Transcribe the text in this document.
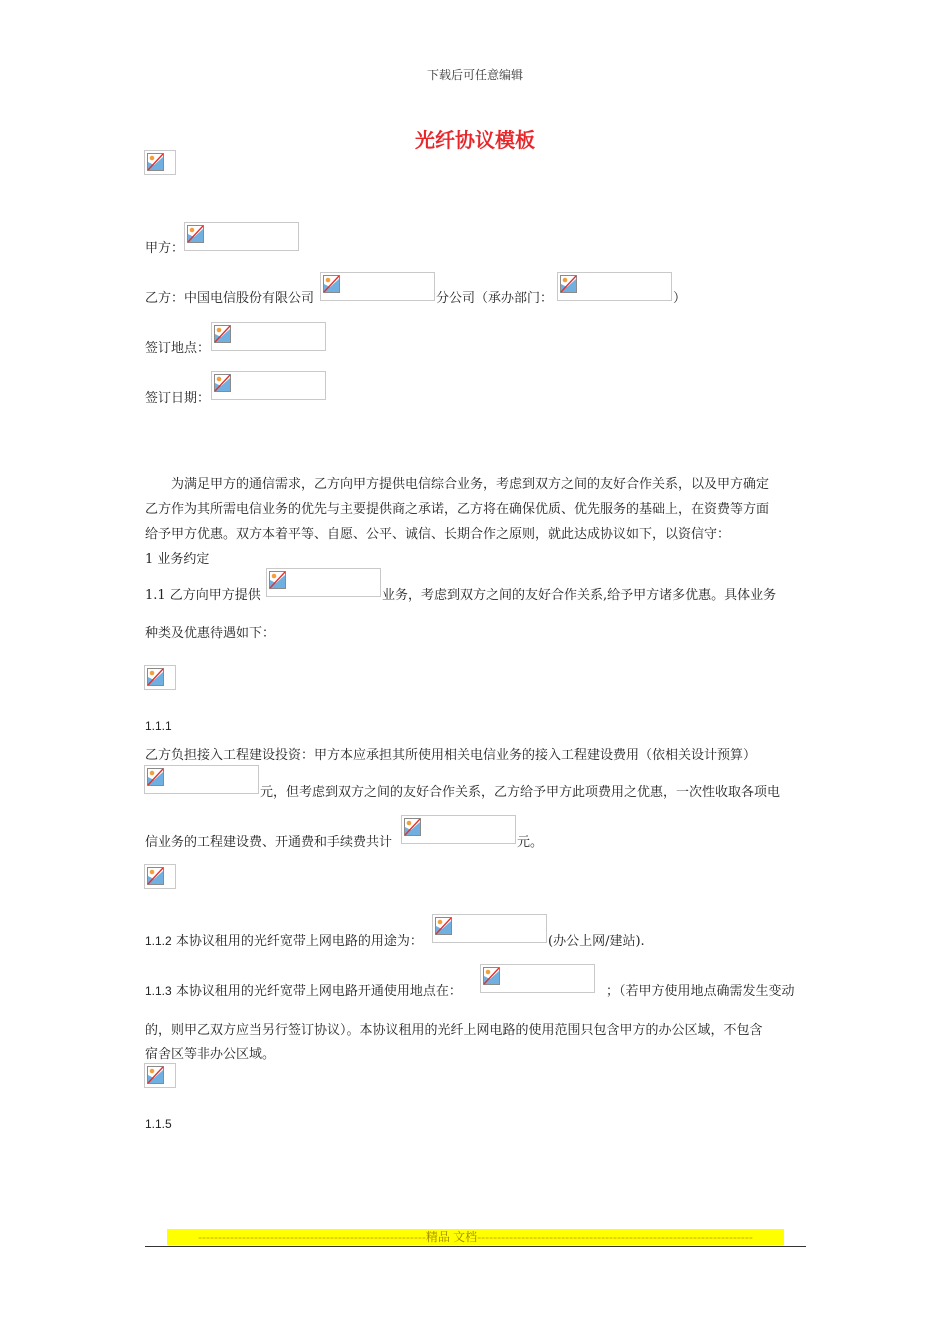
下载后可任意编辑
光纤协议模板
甲方：
乙方：中国电信股份有限公司	分公司（承办部门：	）
签订地点：
签订日期：
为满足甲方的通信需求，乙方向甲方提供电信综合业务，考虑到双方之间的友好合作关系，以及甲方确定
乙方作为其所需电信业务的优先与主要提供商之承诺，乙方将在确保优质、优先服务的基础上，在资费等方面
给予甲方优惠。双方本着平等、自愿、公平、诚信、长期合作之原则，就此达成协议如下，以资信守：
1 业务约定
1.1 乙方向甲方提供	业务，考虑到双方之间的友好合作关系,给予甲方诸多优惠。具体业务
种类及优惠待遇如下：
1.1.1
乙方负担接入工程建设投资：甲方本应承担其所使用相关电信业务的接入工程建设费用（依相关设计预算）
元，但考虑到双方之间的友好合作关系，乙方给予甲方此项费用之优惠，一次性收取各项电
信业务的工程建设费、开通费和手续费共计	元。
1.1.2 本协议租用的光纤宽带上网电路的用途为：	(办公上网/建站).
1.1.3 本协议租用的光纤宽带上网电路开通使用地点在：	；（若甲方使用地点确需发生变动
的，则甲乙双方应当另行签订协议）。本协议租用的光纤上网电路的使用范围只包含甲方的办公区域，不包含
宿舍区等非办公区域。
1.1.5
---------------------------------------------------------精品 文档---------------------------------------------------------------------
